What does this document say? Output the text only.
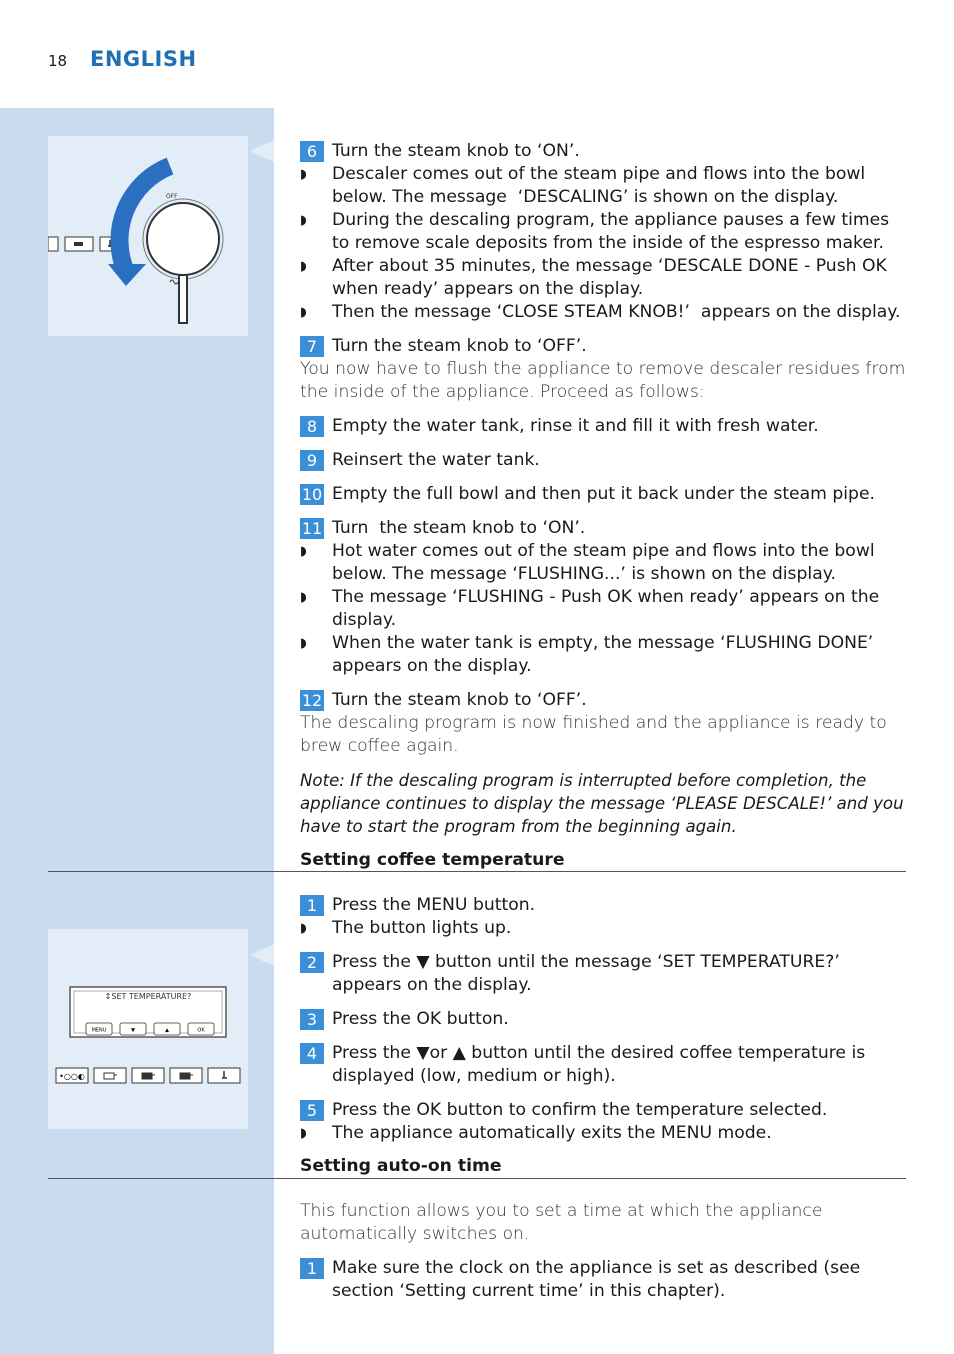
18 ENGLISH
OFF
↕SET TEMPERATURE?
MENU	▼	▲	OK
•○○◐
6 Turn the steam knob to ‘ON’.
◗ Descaler comes out of the steam pipe and flows into the bowl below. The message  ‘DESCALING’ is shown on the display.
◗ During the descaling program, the appliance pauses a few times to remove scale deposits from the inside of the espresso maker.
◗ After about 35 minutes, the message ‘DESCALE DONE - Push OK when ready’ appears on the display.
◗ Then the message ‘CLOSE STEAM KNOB!’  appears on the display.
7 Turn the steam knob to ‘OFF’.

You now have to flush the appliance to remove descaler residues from the inside of the appliance. Proceed as follows:

8 Empty the water tank, rinse it and fill it with fresh water.
9 Reinsert the water tank.
10 Empty the full bowl and then put it back under the steam pipe.
11 Turn  the steam knob to ‘ON’.
◗ Hot water comes out of the steam pipe and flows into the bowl below. The message ‘FLUSHING...’ is shown on the display.
◗ The message ‘FLUSHING - Push OK when ready’ appears on the display.
◗ When the water tank is empty, the message ‘FLUSHING DONE’ appears on the display.
12 Turn the steam knob to ‘OFF’.

The descaling program is now finished and the appliance is ready to brew coffee again.

Note: If the descaling program is interrupted before completion, the appliance continues to display the message ‘PLEASE DESCALE!’ and you have to start the program from the beginning again.

Setting coffee temperature

1 Press the MENU button.
◗ The button lights up.
2 Press the ▼ button until the message ‘SET TEMPERATURE?’ appears on the display.
3 Press the OK button.
4 Press the ▼or ▲ button until the desired coffee temperature is displayed (low, medium or high).
5 Press the OK button to confirm the temperature selected.
◗ The appliance automatically exits the MENU mode.

Setting auto-on time

This function allows you to set a time at which the appliance automatically switches on.

1 Make sure the clock on the appliance is set as described (see section ‘Setting current time’ in this chapter).
